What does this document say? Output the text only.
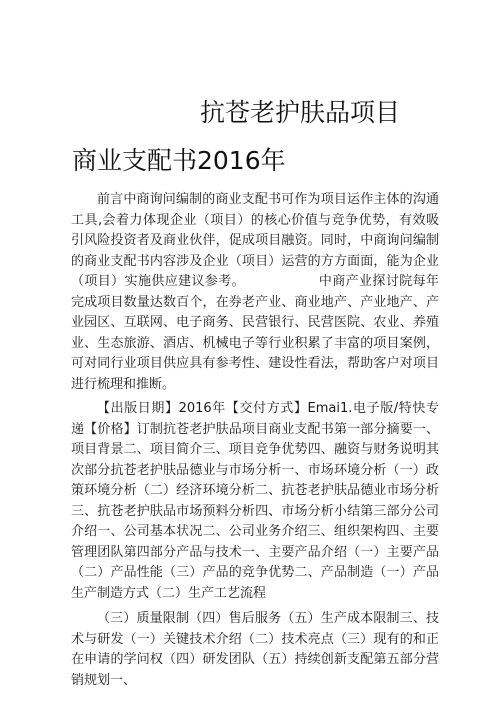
抗苍老护肤品项目
商业支配书2016年

前言中商询问编制的商业支配书可作为项目运作主体的沟通工具,会着力体现企业（项目）的核心价值与竞争优势，有效吸引风险投资者及商业伙伴，促成项目融资。同时，中商询问编制的商业支配书内容涉及企业（项目）运营的方方面面，能为企业（项目）实施供应建议参考。　　　　　　中商产业探讨院每年完成项目数量达数百个，在券老产业、商业地产、产业地产、产业园区、互联网、电子商务、民营银行、民营医院、农业、养殖业、生态旅游、酒店、机械电子等行业积累了丰富的项目案例，可对同行业项目供应具有参考性、建设性看法，帮助客户对项目进行梳理和推断。

【出版日期】2016年【交付方式】Emai1.电子版/特快专递【价格】订制抗苍老护肤品项目商业支配书第一部分摘要一、项目背景二、项目简介三、项目竞争优势四、融资与财务说明其次部分抗苍老护肤品德业与市场分析一、市场环境分析（一）政策环境分析（二）经济环境分析二、抗苍老护肤品德业市场分析三、抗苍老护肤品市场预料分析四、市场分析小结第三部分公司介绍一、公司基本状况二、公司业务介绍三、组织架构四、主要管理团队第四部分产品与技术一、主要产品介绍（一）主要产品（二）产品性能（三）产品的竞争优势二、产品制造（一）产品生产制造方式（二）生产工艺流程

（三）质量限制（四）售后服务（五）生产成本限制三、技术与研发（一）关键技术介绍（二）技术亮点（三）现有的和正在申请的学问权（四）研发团队（五）持续创新支配第五部分营销规划一、
